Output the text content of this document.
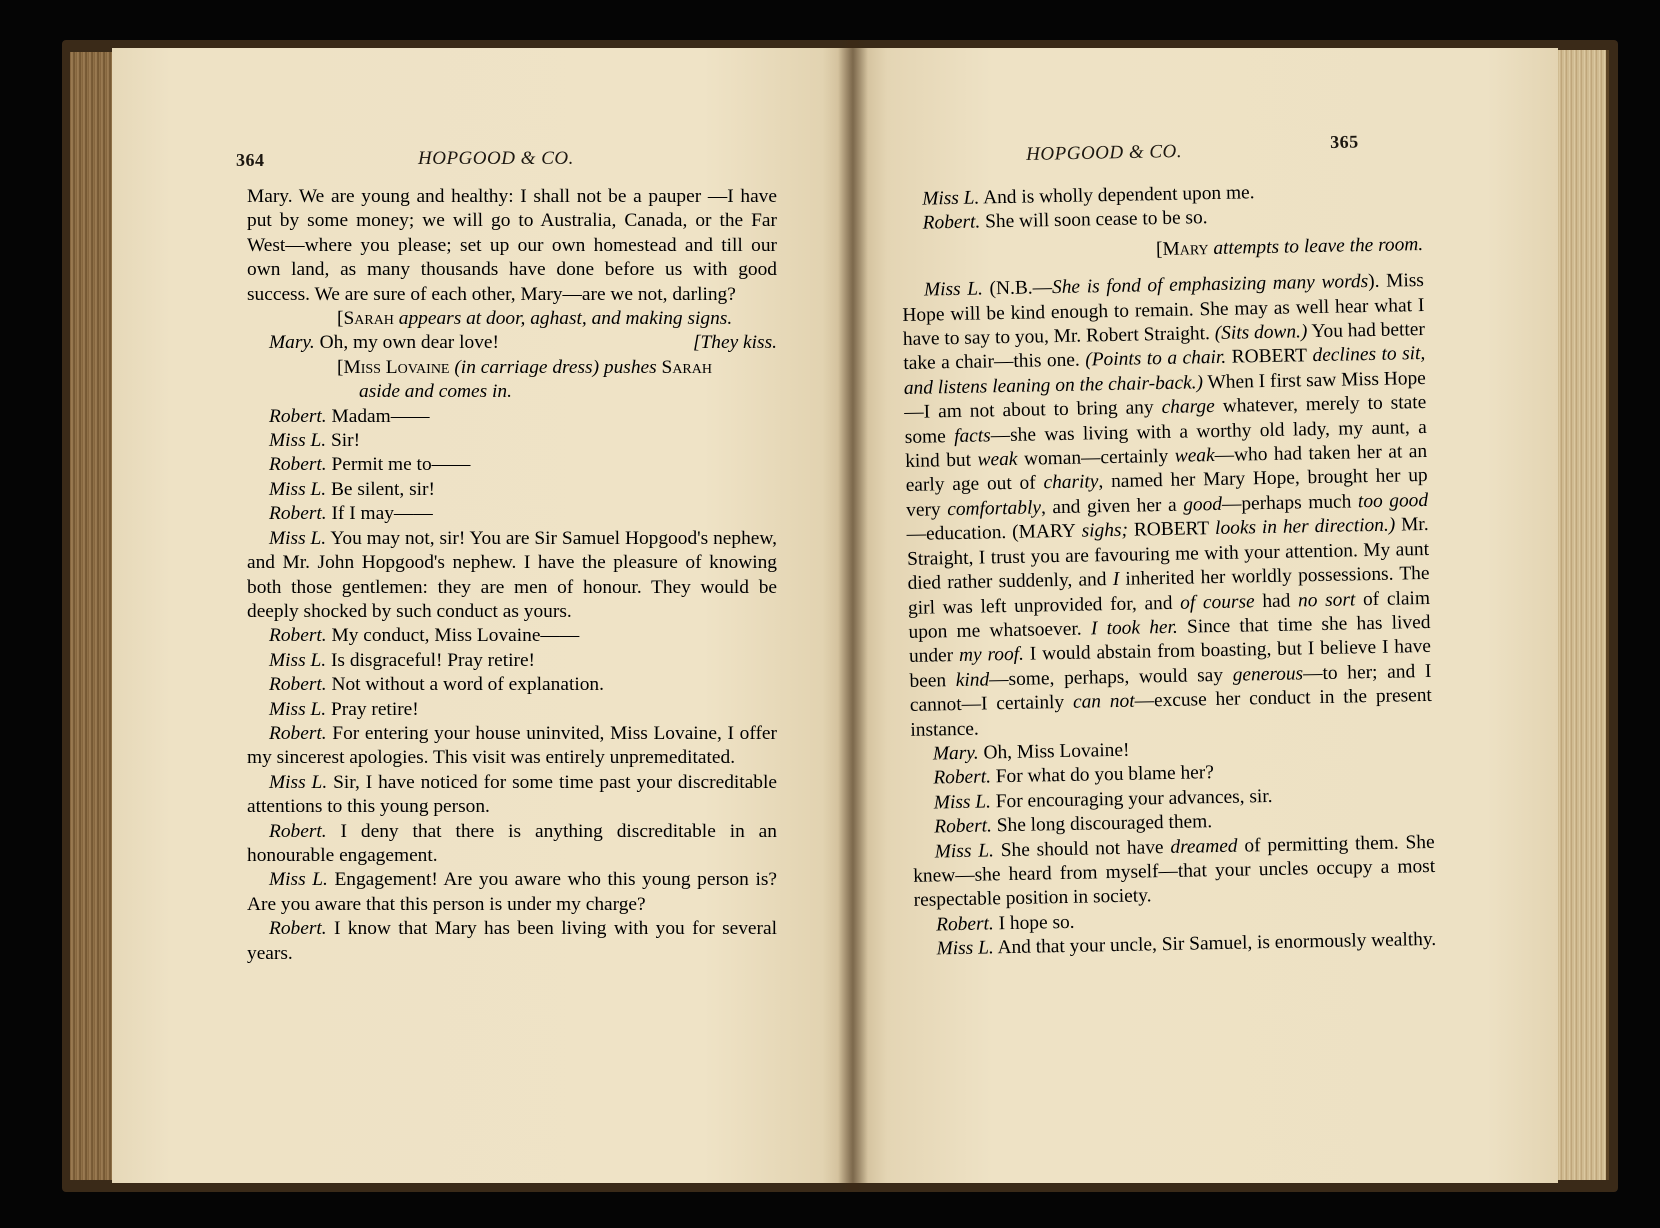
364	HOPGOOD & CO.	HOPGOOD & CO.	365

Mary. We are young and healthy: I shall not be a pauper —I have put by some money; we will go to Australia, Canada, or the Far West—where you please; set up our own homestead and till our own land, as many thousands have done before us with good success. We are sure of each other, Mary—are we not, darling?

[Sarah appears at door, aghast, and making signs.

Mary. Oh, my own dear love!	[They kiss.

[Miss Lovaine (in carriage dress) pushes Sarah

aside and comes in.

Robert. Madam——

Miss L. Sir!

Robert. Permit me to——

Miss L. Be silent, sir!

Robert. If I may——

Miss L. You may not, sir! You are Sir Samuel Hopgood's nephew, and Mr. John Hopgood's nephew. I have the pleasure of knowing both those gentlemen: they are men of honour. They would be deeply shocked by such conduct as yours.

Robert. My conduct, Miss Lovaine——

Miss L. Is disgraceful! Pray retire!

Robert. Not without a word of explanation.

Miss L. Pray retire!

Robert. For entering your house uninvited, Miss Lovaine, I offer my sincerest apologies. This visit was entirely unpremeditated.

Miss L. Sir, I have noticed for some time past your discreditable attentions to this young person.

Robert. I deny that there is anything discreditable in an honourable engagement.

Miss L. Engagement! Are you aware who this young person is? Are you aware that this person is under my charge?

Robert. I know that Mary has been living with you for several years.

Miss L. And is wholly dependent upon me.

Robert. She will soon cease to be so.

[Mary attempts to leave the room.

Miss L. (N.B.—She is fond of emphasizing many words). Miss Hope will be kind enough to remain. She may as well hear what I have to say to you, Mr. Robert Straight. (Sits down.) You had better take a chair—this one. (Points to a chair. ROBERT declines to sit, and listens leaning on the chair-back.) When I first saw Miss Hope—I am not about to bring any charge whatever, merely to state some facts—she was living with a worthy old lady, my aunt, a kind but weak woman—certainly weak—who had taken her at an early age out of charity, named her Mary Hope, brought her up very comfortably, and given her a good—perhaps much too good—education. (MARY sighs; ROBERT looks in her direction.) Mr. Straight, I trust you are favouring me with your attention. My aunt died rather suddenly, and I inherited her worldly possessions. The girl was left unprovided for, and of course had no sort of claim upon me whatsoever. I took her. Since that time she has lived under my roof. I would abstain from boasting, but I believe I have been kind—some, perhaps, would say generous—to her; and I cannot—I certainly can not—excuse her conduct in the present instance.

Mary. Oh, Miss Lovaine!

Robert. For what do you blame her?

Miss L. For encouraging your advances, sir.

Robert. She long discouraged them.

Miss L. She should not have dreamed of permitting them. She knew—she heard from myself—that your uncles occupy a most respectable position in society.

Robert. I hope so.

Miss L. And that your uncle, Sir Samuel, is enormously wealthy.
